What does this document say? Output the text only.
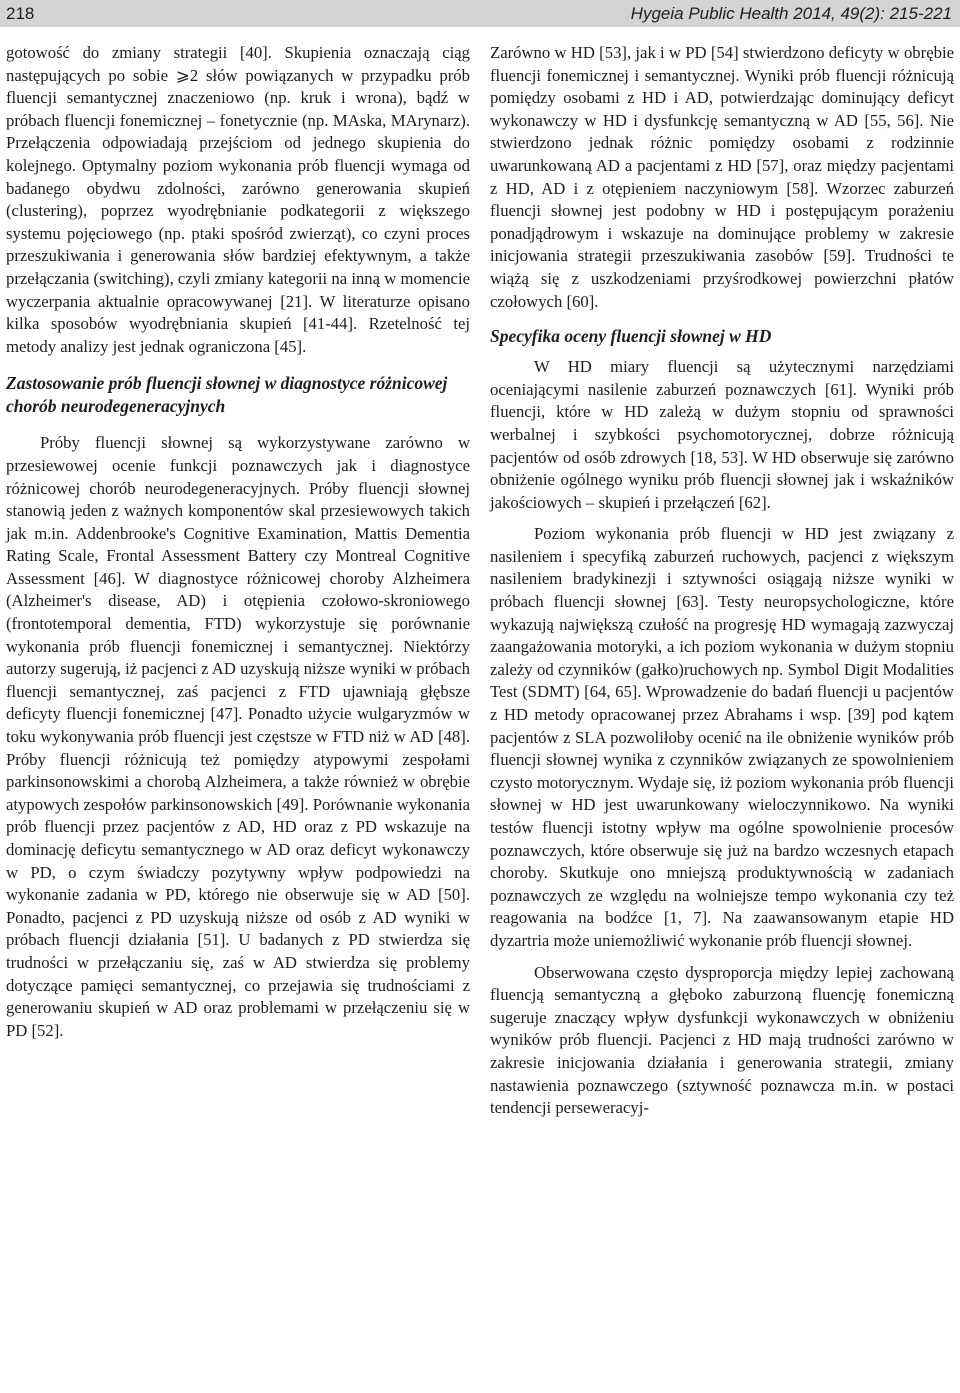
218	Hygeia Public Health 2014, 49(2): 215-221

gotowość do zmiany strategii [40]. Skupienia oznaczają ciąg następujących po sobie ⩾2 słów powiązanych w przypadku prób fluencji semantycznej znaczeniowo (np. kruk i wrona), bądź w próbach fluencji fonemicznej – fonetycznie (np. MAska, MArynarz). Przełączenia odpowiadają przejściom od jednego skupienia do kolejnego. Optymalny poziom wykonania prób fluencji wymaga od badanego obydwu zdolności, zarówno generowania skupień (clustering), poprzez wyodrębnianie podkategorii z większego systemu pojęciowego (np. ptaki spośród zwierząt), co czyni proces przeszukiwania i generowania słów bardziej efektywnym, a także przełączania (switching), czyli zmiany kategorii na inną w momencie wyczerpania aktualnie opracowywanej [21]. W literaturze opisano kilka sposobów wyodrębniania skupień [41-44]. Rzetelność tej metody analizy jest jednak ograniczona [45].

Zastosowanie prób fluencji słownej w diagnostyce różnicowej chorób neurodegeneracyjnych

Próby fluencji słownej są wykorzystywane zarówno w przesiewowej ocenie funkcji poznawczych jak i diagnostyce różnicowej chorób neurodegeneracyjnych. Próby fluencji słownej stanowią jeden z ważnych komponentów skal przesiewowych takich jak m.in. Addenbrooke's Cognitive Examination, Mattis Dementia Rating Scale, Frontal Assessment Battery czy Montreal Cognitive Assessment [46]. W diagnostyce różnicowej choroby Alzheimera (Alzheimer's disease, AD) i otępienia czołowo-skroniowego (frontotemporal dementia, FTD) wykorzystuje się porównanie wykonania prób fluencji fonemicznej i semantycznej. Niektórzy autorzy sugerują, iż pacjenci z AD uzyskują niższe wyniki w próbach fluencji semantycznej, zaś pacjenci z FTD ujawniają głębsze deficyty fluencji fonemicznej [47]. Ponadto użycie wulgaryzmów w toku wykonywania prób fluencji jest częstsze w FTD niż w AD [48]. Próby fluencji różnicują też pomiędzy atypowymi zespołami parkinsonowskimi a chorobą Alzheimera, a także również w obrębie atypowych zespołów parkinsonowskich [49]. Porównanie wykonania prób fluencji przez pacjentów z AD, HD oraz z PD wskazuje na dominację deficytu semantycznego w AD oraz deficyt wykonawczy w PD, o czym świadczy pozytywny wpływ podpowiedzi na wykonanie zadania w PD, którego nie obserwuje się w AD [50]. Ponadto, pacjenci z PD uzyskują niższe od osób z AD wyniki w próbach fluencji działania [51]. U badanych z PD stwierdza się trudności w przełączaniu się, zaś w AD stwierdza się problemy dotyczące pamięci semantycznej, co przejawia się trudnościami z generowaniu skupień w AD oraz problemami w przełączeniu się w PD [52].

Zarówno w HD [53], jak i w PD [54] stwierdzono deficyty w obrębie fluencji fonemicznej i semantycznej. Wyniki prób fluencji różnicują pomiędzy osobami z HD i AD, potwierdzając dominujący deficyt wykonawczy w HD i dysfunkcję semantyczną w AD [55, 56]. Nie stwierdzono jednak różnic pomiędzy osobami z rodzinnie uwarunkowaną AD a pacjentami z HD [57], oraz między pacjentami z HD, AD i z otępieniem naczyniowym [58]. Wzorzec zaburzeń fluencji słownej jest podobny w HD i postępującym porażeniu ponadjądrowym i wskazuje na dominujące problemy w zakresie inicjowania strategii przeszukiwania zasobów [59]. Trudności te wiążą się z uszkodzeniami przyśrodkowej powierzchni płatów czołowych [60].

Specyfika oceny fluencji słownej w HD

W HD miary fluencji są użytecznymi narzędziami oceniającymi nasilenie zaburzeń poznawczych [61]. Wyniki prób fluencji, które w HD zależą w dużym stopniu od sprawności werbalnej i szybkości psychomotorycznej, dobrze różnicują pacjentów od osób zdrowych [18, 53]. W HD obserwuje się zarówno obniżenie ogólnego wyniku prób fluencji słownej jak i wskaźników jakościowych – skupień i przełączeń [62].

Poziom wykonania prób fluencji w HD jest związany z nasileniem i specyfiką zaburzeń ruchowych, pacjenci z większym nasileniem bradykinezji i sztywności osiągają niższe wyniki w próbach fluencji słownej [63]. Testy neuropsychologiczne, które wykazują największą czułość na progresję HD wymagają zazwyczaj zaangażowania motoryki, a ich poziom wykonania w dużym stopniu zależy od czynników (gałko)ruchowych np. Symbol Digit Modalities Test (SDMT) [64, 65]. Wprowadzenie do badań fluencji u pacjentów z HD metody opracowanej przez Abrahams i wsp. [39] pod kątem pacjentów z SLA pozwoliłoby ocenić na ile obniżenie wyników prób fluencji słownej wynika z czynników związanych ze spowolnieniem czysto motorycznym. Wydaje się, iż poziom wykonania prób fluencji słownej w HD jest uwarunkowany wieloczynnikowo. Na wyniki testów fluencji istotny wpływ ma ogólne spowolnienie procesów poznawczych, które obserwuje się już na bardzo wczesnych etapach choroby. Skutkuje ono mniejszą produktywnością w zadaniach poznawczych ze względu na wolniejsze tempo wykonania czy też reagowania na bodźce [1, 7]. Na zaawansowanym etapie HD dyzartria może uniemożliwić wykonanie prób fluencji słownej.

Obserwowana często dysproporcja między lepiej zachowaną fluencją semantyczną a głęboko zaburzoną fluencję fonemiczną sugeruje znaczący wpływ dysfunkcji wykonawczych w obniżeniu wyników prób fluencji. Pacjenci z HD mają trudności zarówno w zakresie inicjowania działania i generowania strategii, zmiany nastawienia poznawczego (sztywność poznawcza m.in. w postaci tendencji perseweracyj-
